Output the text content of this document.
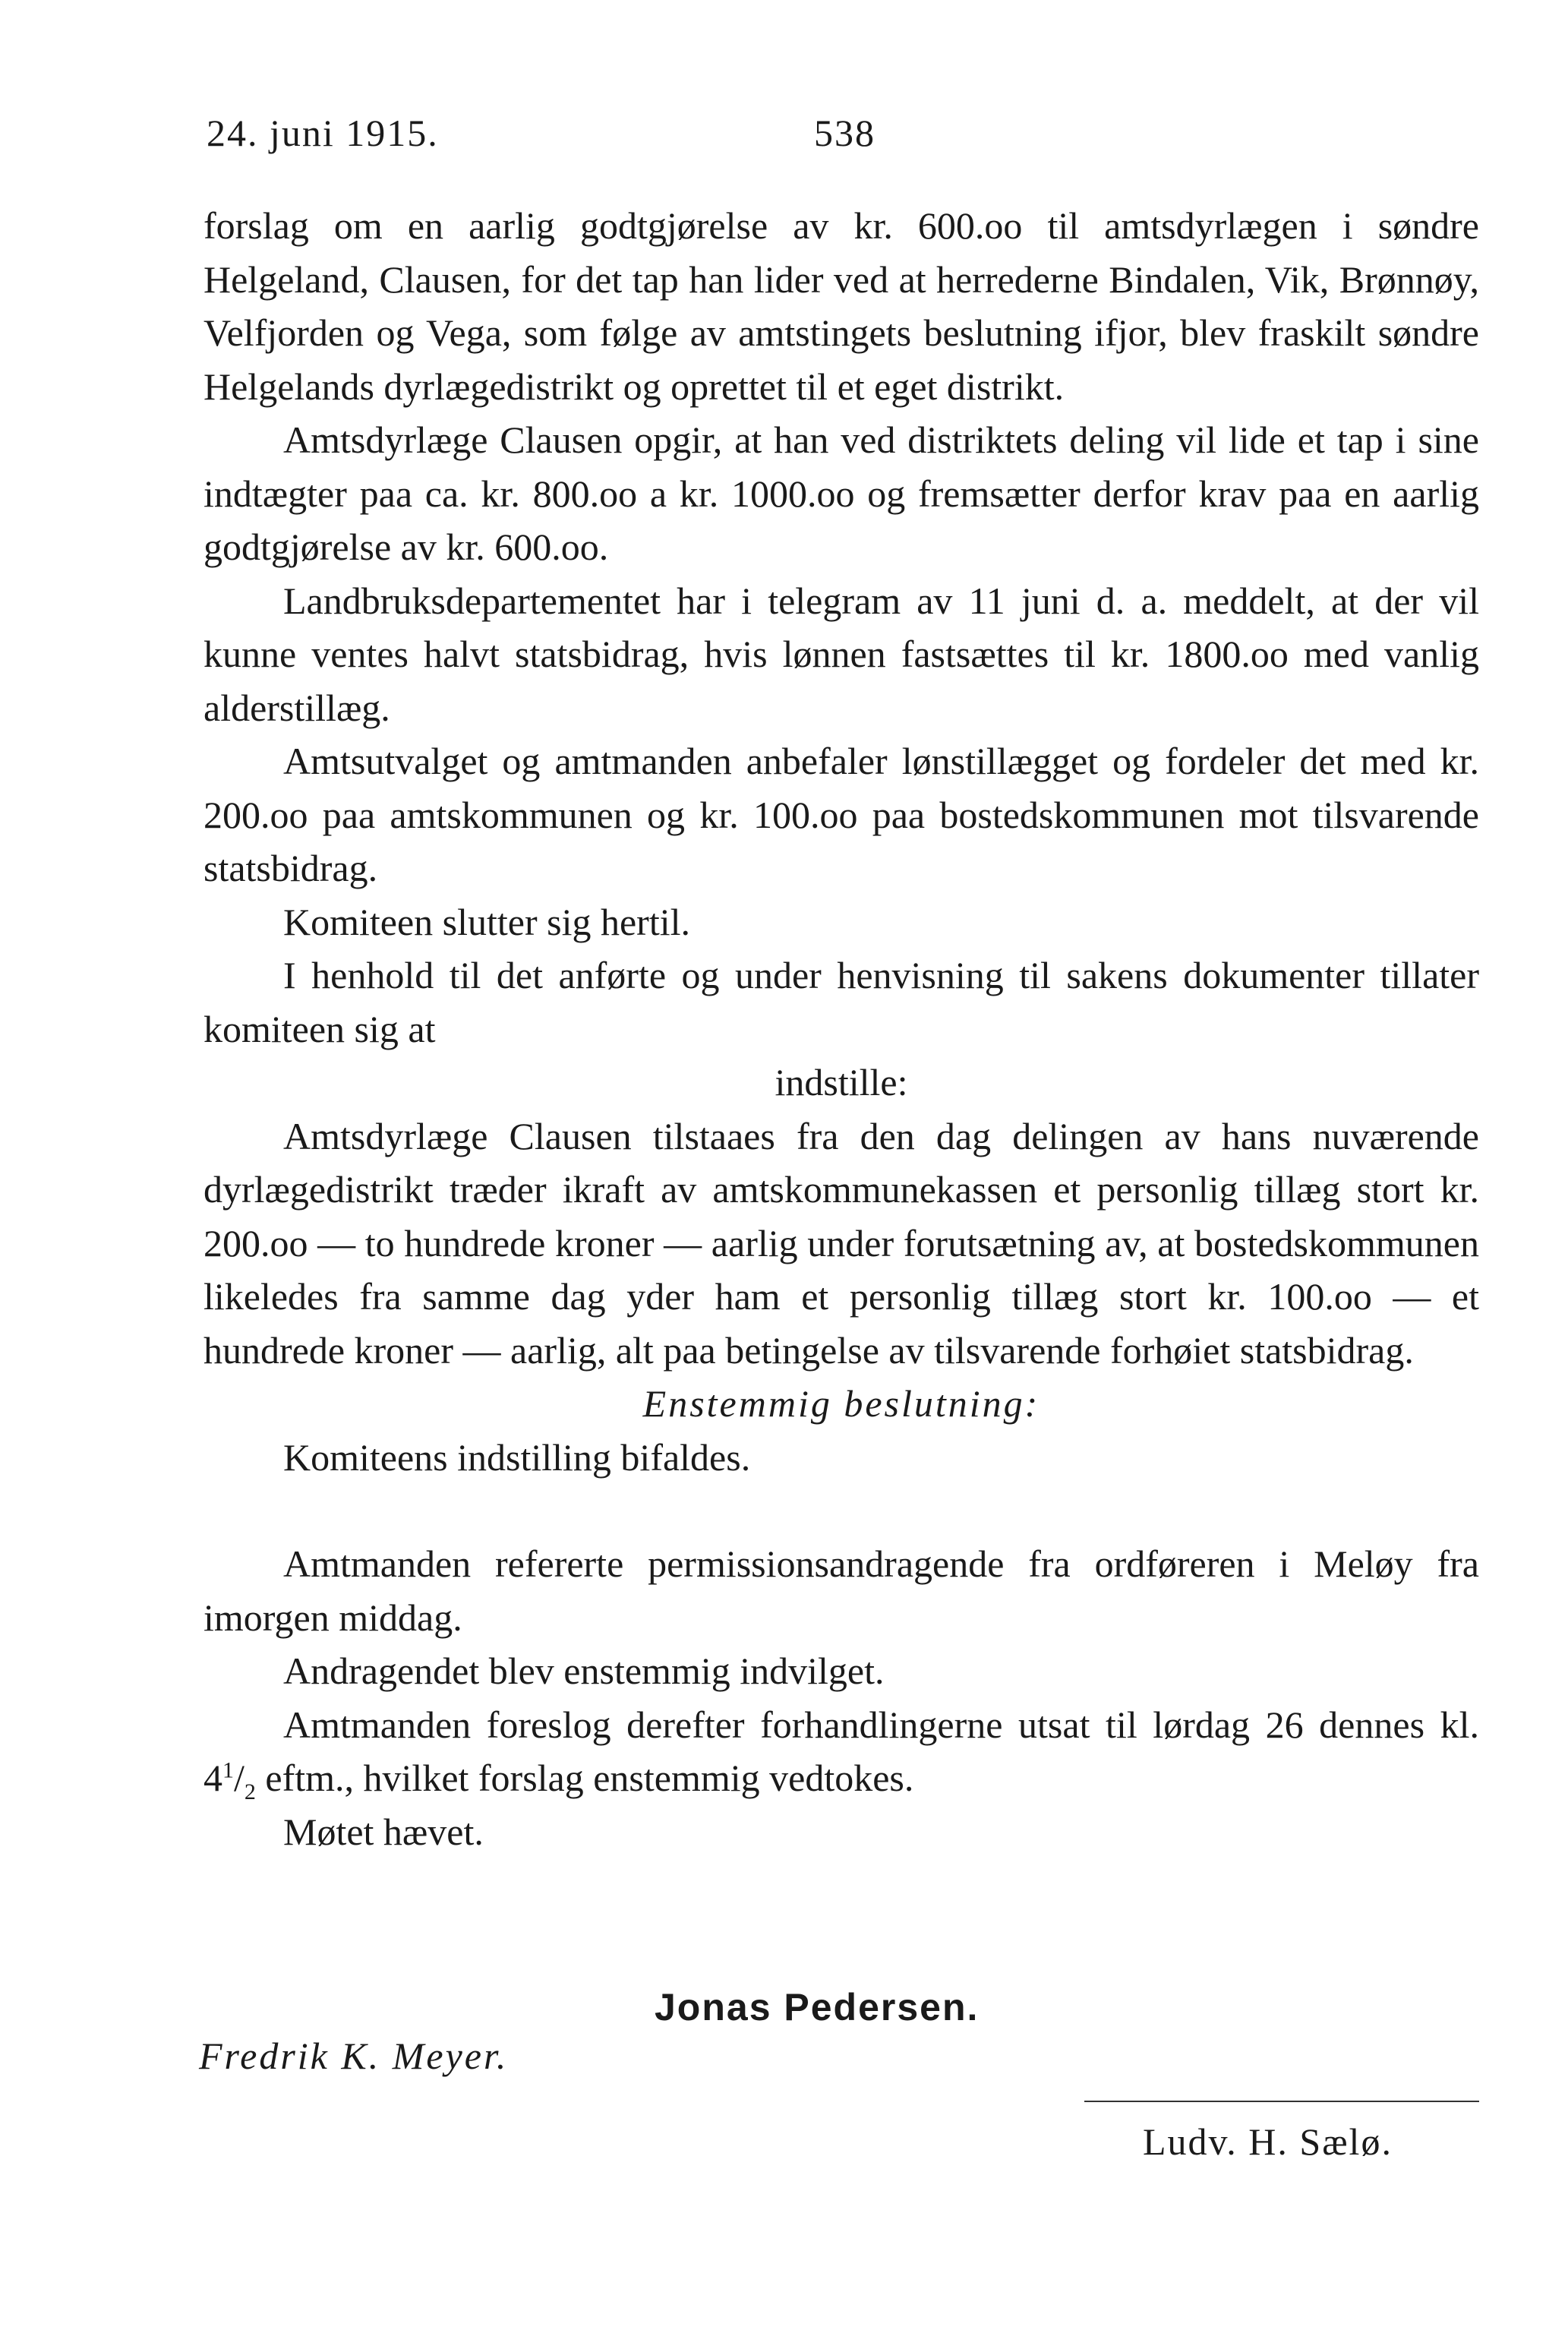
24. juni 1915.	538

forslag om en aarlig godtgjørelse av kr. 600.oo til amtsdyrlægen i søndre Helgeland, Clausen, for det tap han lider ved at herrederne Bindalen, Vik, Brønnøy, Velfjorden og Vega, som følge av amtstingets beslutning ifjor, blev fraskilt søndre Helgelands dyrlægedistrikt og oprettet til et eget distrikt.

Amtsdyrlæge Clausen opgir, at han ved distriktets deling vil lide et tap i sine indtægter paa ca. kr. 800.oo a kr. 1000.oo og fremsætter derfor krav paa en aarlig godtgjørelse av kr. 600.oo.

Landbruksdepartementet har i telegram av 11 juni d. a. meddelt, at der vil kunne ventes halvt statsbidrag, hvis lønnen fastsættes til kr. 1800.oo med vanlig alderstillæg.

Amtsutvalget og amtmanden anbefaler lønstillægget og fordeler det med kr. 200.oo paa amtskommunen og kr. 100.oo paa bostedskommunen mot tilsvarende statsbidrag.

Komiteen slutter sig hertil.

I henhold til det anførte og under henvisning til sakens dokumenter tillater komiteen sig at

indstille:

Amtsdyrlæge Clausen tilstaaes fra den dag delingen av hans nuværende dyrlægedistrikt træder ikraft av amtskommunekassen et personlig tillæg stort kr. 200.oo — to hundrede kroner — aarlig under forutsætning av, at bostedskommunen likeledes fra samme dag yder ham et personlig tillæg stort kr. 100.oo — et hundrede kroner — aarlig, alt paa betingelse av tilsvarende forhøiet statsbidrag.

Enstemmig beslutning:

Komiteens indstilling bifaldes.

Amtmanden refererte permissionsandragende fra ordføreren i Meløy fra imorgen middag.

Andragendet blev enstemmig indvilget.

Amtmanden foreslog derefter forhandlingerne utsat til lørdag 26 dennes kl. $4^1/_2$ eftm., hvilket forslag enstemmig vedtokes.

Møtet hævet.

Jonas Pedersen.
Fredrik K. Meyer.
Ludv. H. Sælø.
